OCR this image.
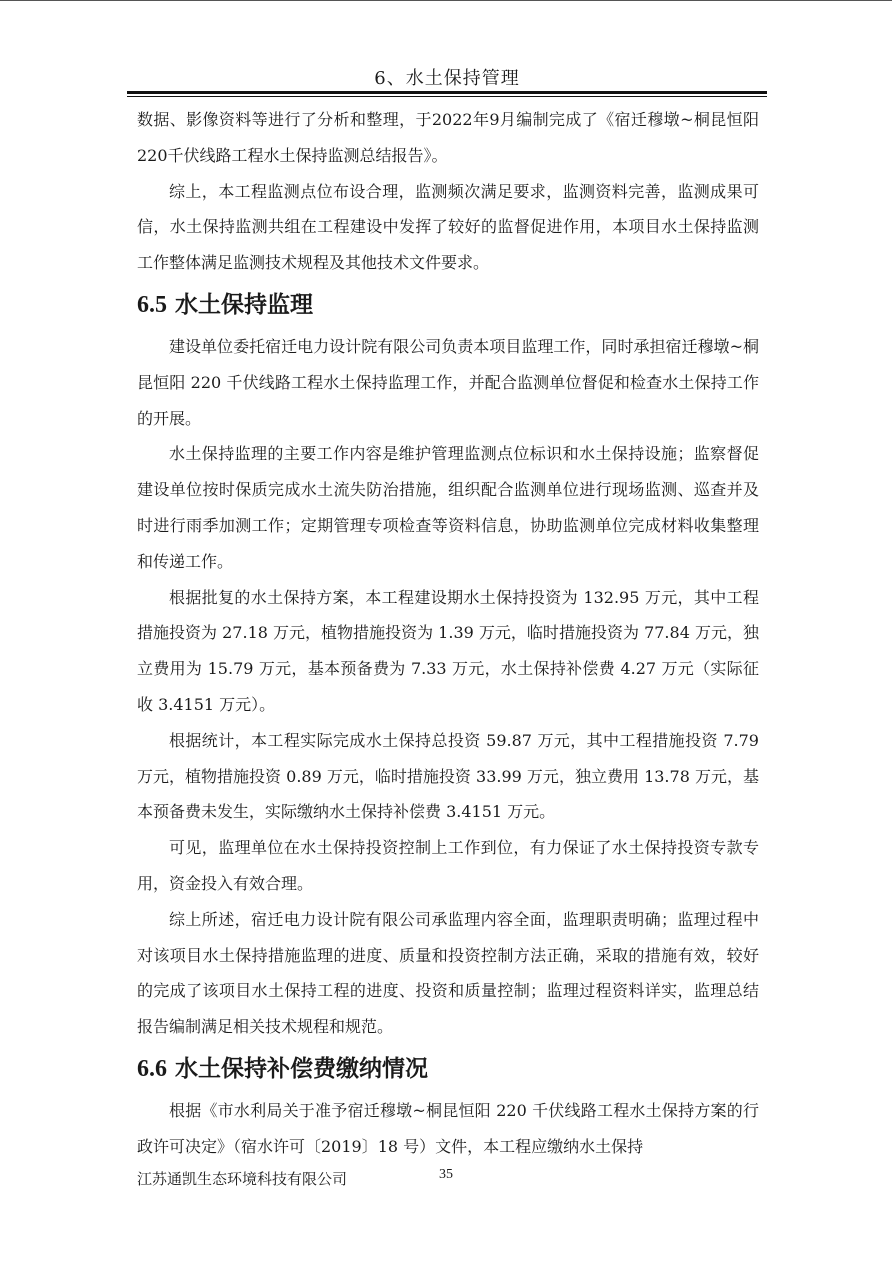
6、水土保持管理

数据、影像资料等进行了分析和整理，于2022年9月编制完成了《宿迁穆墩~桐昆恒阳220千伏线路工程水土保持监测总结报告》。

综上，本工程监测点位布设合理，监测频次满足要求，监测资料完善，监测成果可信，水土保持监测共组在工程建设中发挥了较好的监督促进作用，本项目水土保持监测工作整体满足监测技术规程及其他技术文件要求。

6.5 水土保持监理

建设单位委托宿迁电力设计院有限公司负责本项目监理工作，同时承担宿迁穆墩~桐昆恒阳 220 千伏线路工程水土保持监理工作，并配合监测单位督促和检查水土保持工作的开展。

水土保持监理的主要工作内容是维护管理监测点位标识和水土保持设施；监察督促建设单位按时保质完成水土流失防治措施，组织配合监测单位进行现场监测、巡查并及时进行雨季加测工作；定期管理专项检查等资料信息，协助监测单位完成材料收集整理和传递工作。

根据批复的水土保持方案，本工程建设期水土保持投资为 132.95 万元，其中工程措施投资为 27.18 万元，植物措施投资为 1.39 万元，临时措施投资为 77.84 万元，独立费用为 15.79 万元，基本预备费为 7.33 万元，水土保持补偿费 4.27 万元（实际征收 3.4151 万元）。

根据统计，本工程实际完成水土保持总投资 59.87 万元，其中工程措施投资 7.79 万元，植物措施投资 0.89 万元，临时措施投资 33.99 万元，独立费用 13.78 万元，基本预备费未发生，实际缴纳水土保持补偿费 3.4151 万元。

可见，监理单位在水土保持投资控制上工作到位，有力保证了水土保持投资专款专用，资金投入有效合理。

综上所述，宿迁电力设计院有限公司承监理内容全面，监理职责明确；监理过程中对该项目水土保持措施监理的进度、质量和投资控制方法正确，采取的措施有效，较好的完成了该项目水土保持工程的进度、投资和质量控制；监理过程资料详实，监理总结报告编制满足相关技术规程和规范。

6.6 水土保持补偿费缴纳情况

根据《市水利局关于准予宿迁穆墩~桐昆恒阳 220 千伏线路工程水土保持方案的行政许可决定》（宿水许可〔2019〕18 号）文件，本工程应缴纳水土保持

江苏通凯生态环境科技有限公司	35
